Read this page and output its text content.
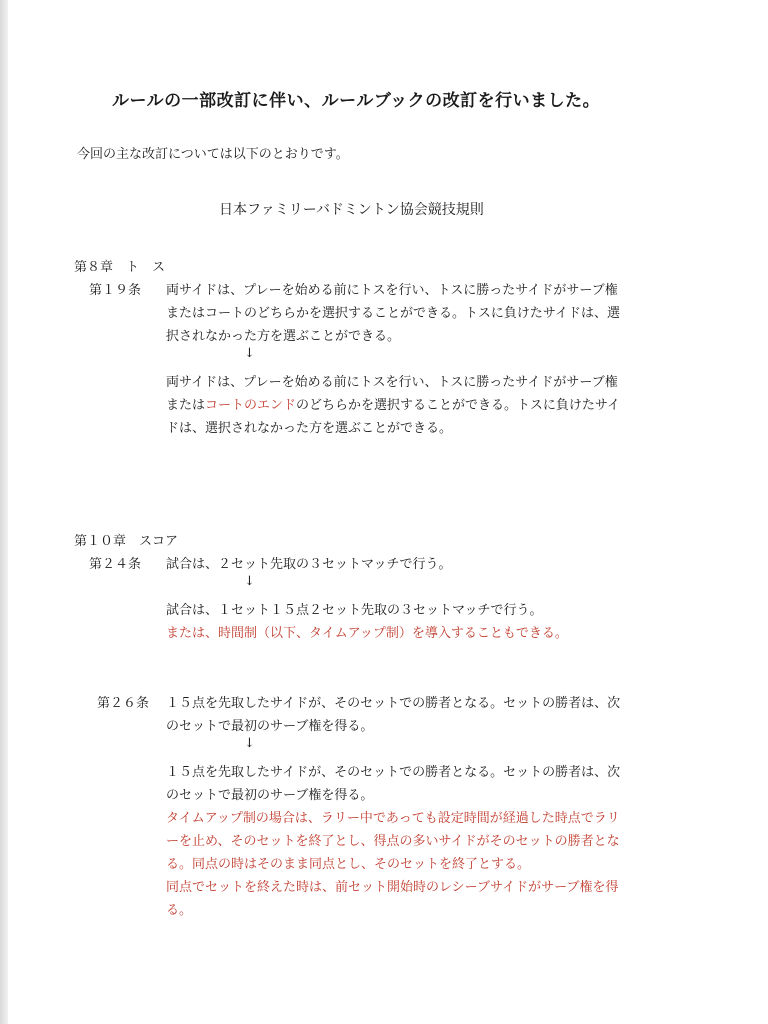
ルールの一部改訂に伴い、ルールブックの改訂を行いました。
今回の主な改訂については以下のとおりです。
日本ファミリーバドミントン協会競技規則
第８章　ト　ス
第１９条 両サイドは、プレーを始める前にトスを行い、トスに勝ったサイドがサーブ権
またはコートのどちらかを選択することができる。トスに負けたサイドは、選
択されなかった方を選ぶことができる。
↓
両サイドは、プレーを始める前にトスを行い、トスに勝ったサイドがサーブ権
またはコートのエンドのどちらかを選択することができる。トスに負けたサイ
ドは、選択されなかった方を選ぶことができる。
第１０章　スコア
第２４条 試合は、２セット先取の３セットマッチで行う。
↓
試合は、１セット１５点２セット先取の３セットマッチで行う。
または、時間制（以下、タイムアップ制）を導入することもできる。
第２６条 １５点を先取したサイドが、そのセットでの勝者となる。セットの勝者は、次
のセットで最初のサーブ権を得る。
↓
１５点を先取したサイドが、そのセットでの勝者となる。セットの勝者は、次
のセットで最初のサーブ権を得る。
タイムアップ制の場合は、ラリー中であっても設定時間が経過した時点でラリ
ーを止め、そのセットを終了とし、得点の多いサイドがそのセットの勝者とな
る。同点の時はそのまま同点とし、そのセットを終了とする。
同点でセットを終えた時は、前セット開始時のレシーブサイドがサーブ権を得
る。
